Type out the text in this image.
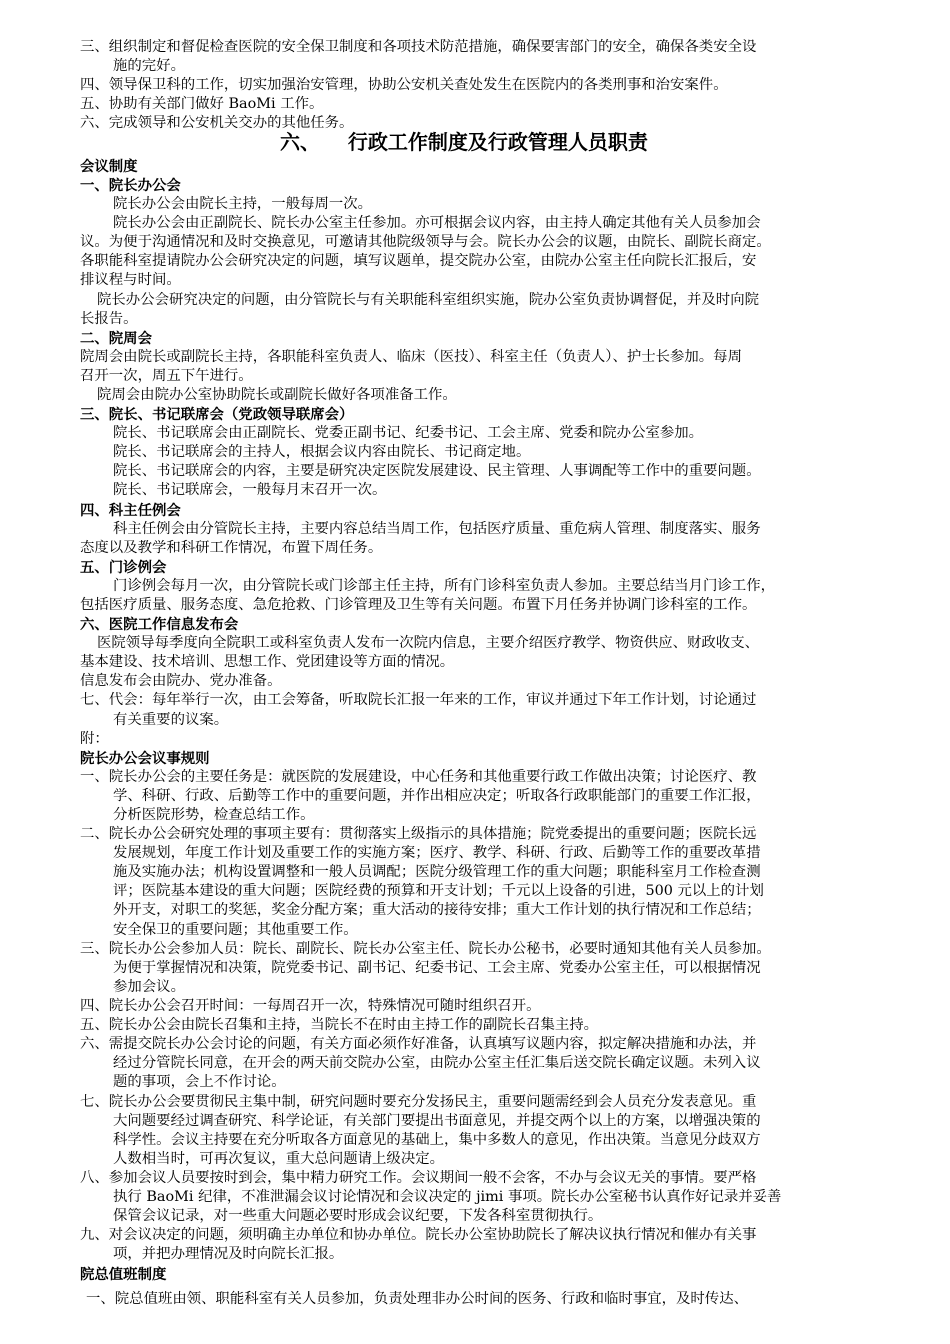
三、组织制定和督促检查医院的安全保卫制度和各项技术防范措施，确保要害部门的安全，确保各类安全设
施的完好。
四、领导保卫科的工作，切实加强治安管理，协助公安机关查处发生在医院内的各类刑事和治安案件。
五、协助有关部门做好 BaoMi 工作。
六、完成领导和公安机关交办的其他任务。
六、    行政工作制度及行政管理人员职责
会议制度
一、院长办公会
院长办公会由院长主持，一般每周一次。
院长办公会由正副院长、院长办公室主任参加。亦可根据会议内容，由主持人确定其他有关人员参加会
议。为便于沟通情况和及时交换意见，可邀请其他院级领导与会。院长办公会的议题，由院长、副院长商定。
各职能科室提请院办公会研究决定的问题，填写议题单，提交院办公室，由院办公室主任向院长汇报后，安
排议程与时间。
院长办公会研究决定的问题，由分管院长与有关职能科室组织实施，院办公室负责协调督促，并及时向院
长报告。
二、院周会
院周会由院长或副院长主持，各职能科室负责人、临床（医技）、科室主任（负责人）、护士长参加。每周
召开一次，周五下午进行。
院周会由院办公室协助院长或副院长做好各项准备工作。
三、院长、书记联席会（党政领导联席会）
院长、书记联席会由正副院长、党委正副书记、纪委书记、工会主席、党委和院办公室参加。
院长、书记联席会的主持人，根据会议内容由院长、书记商定地。
院长、书记联席会的内容，主要是研究决定医院发展建设、民主管理、人事调配等工作中的重要问题。
院长、书记联席会，一般每月末召开一次。
四、科主任例会
科主任例会由分管院长主持，主要内容总结当周工作，包括医疗质量、重危病人管理、制度落实、服务
态度以及教学和科研工作情况，布置下周任务。
五、门诊例会
门诊例会每月一次，由分管院长或门诊部主任主持，所有门诊科室负责人参加。主要总结当月门诊工作，
包括医疗质量、服务态度、急危抢救、门诊管理及卫生等有关问题。布置下月任务并协调门诊科室的工作。
六、医院工作信息发布会
医院领导每季度向全院职工或科室负责人发布一次院内信息，主要介绍医疗教学、物资供应、财政收支、
基本建设、技术培训、思想工作、党团建设等方面的情况。
信息发布会由院办、党办准备。
七、代会：每年举行一次，由工会筹备，听取院长汇报一年来的工作，审议并通过下年工作计划，讨论通过
有关重要的议案。
附：
院长办公会议事规则
一、院长办公会的主要任务是：就医院的发展建设，中心任务和其他重要行政工作做出决策；讨论医疗、教
学、科研、行政、后勤等工作中的重要问题，并作出相应决定；听取各行政职能部门的重要工作汇报，
分析医院形势，检查总结工作。
二、院长办公会研究处理的事项主要有：贯彻落实上级指示的具体措施；院党委提出的重要问题；医院长远
发展规划，年度工作计划及重要工作的实施方案；医疗、教学、科研、行政、后勤等工作的重要改革措
施及实施办法；机构设置调整和一般人员调配；医院分级管理工作的重大问题；职能科室月工作检查测
评；医院基本建设的重大问题；医院经费的预算和开支计划；千元以上设备的引进，500 元以上的计划
外开支，对职工的奖惩，奖金分配方案；重大活动的接待安排；重大工作计划的执行情况和工作总结；
安全保卫的重要问题；其他重要工作。
三、院长办公会参加人员：院长、副院长、院长办公室主任、院长办公秘书，必要时通知其他有关人员参加。
为便于掌握情况和决策，院党委书记、副书记、纪委书记、工会主席、党委办公室主任，可以根据情况
参加会议。
四、院长办公会召开时间：一每周召开一次，特殊情况可随时组织召开。
五、院长办公会由院长召集和主持，当院长不在时由主持工作的副院长召集主持。
六、需提交院长办公会讨论的问题，有关方面必须作好准备，认真填写议题内容，拟定解决措施和办法，并
经过分管院长同意，在开会的两天前交院办公室，由院办公室主任汇集后送交院长确定议题。未列入议
题的事项，会上不作讨论。
七、院长办公会要贯彻民主集中制，研究问题时要充分发扬民主，重要问题需经到会人员充分发表意见。重
大问题要经过调查研究、科学论证，有关部门要提出书面意见，并提交两个以上的方案，以增强决策的
科学性。会议主持要在充分听取各方面意见的基础上，集中多数人的意见，作出决策。当意见分歧双方
人数相当时，可再次复议，重大总问题请上级决定。
八、参加会议人员要按时到会，集中精力研究工作。会议期间一般不会客，不办与会议无关的事情。要严格
执行 BaoMi 纪律，不准泄漏会议讨论情况和会议决定的 jimi 事项。院长办公室秘书认真作好记录并妥善
保管会议记录，对一些重大问题必要时形成会议纪要，下发各科室贯彻执行。
九、对会议决定的问题，须明确主办单位和协办单位。院长办公室协助院长了解决议执行情况和催办有关事
项，并把办理情况及时向院长汇报。
院总值班制度
一、院总值班由领、职能科室有关人员参加，负责处理非办公时间的医务、行政和临时事宜，及时传达、
